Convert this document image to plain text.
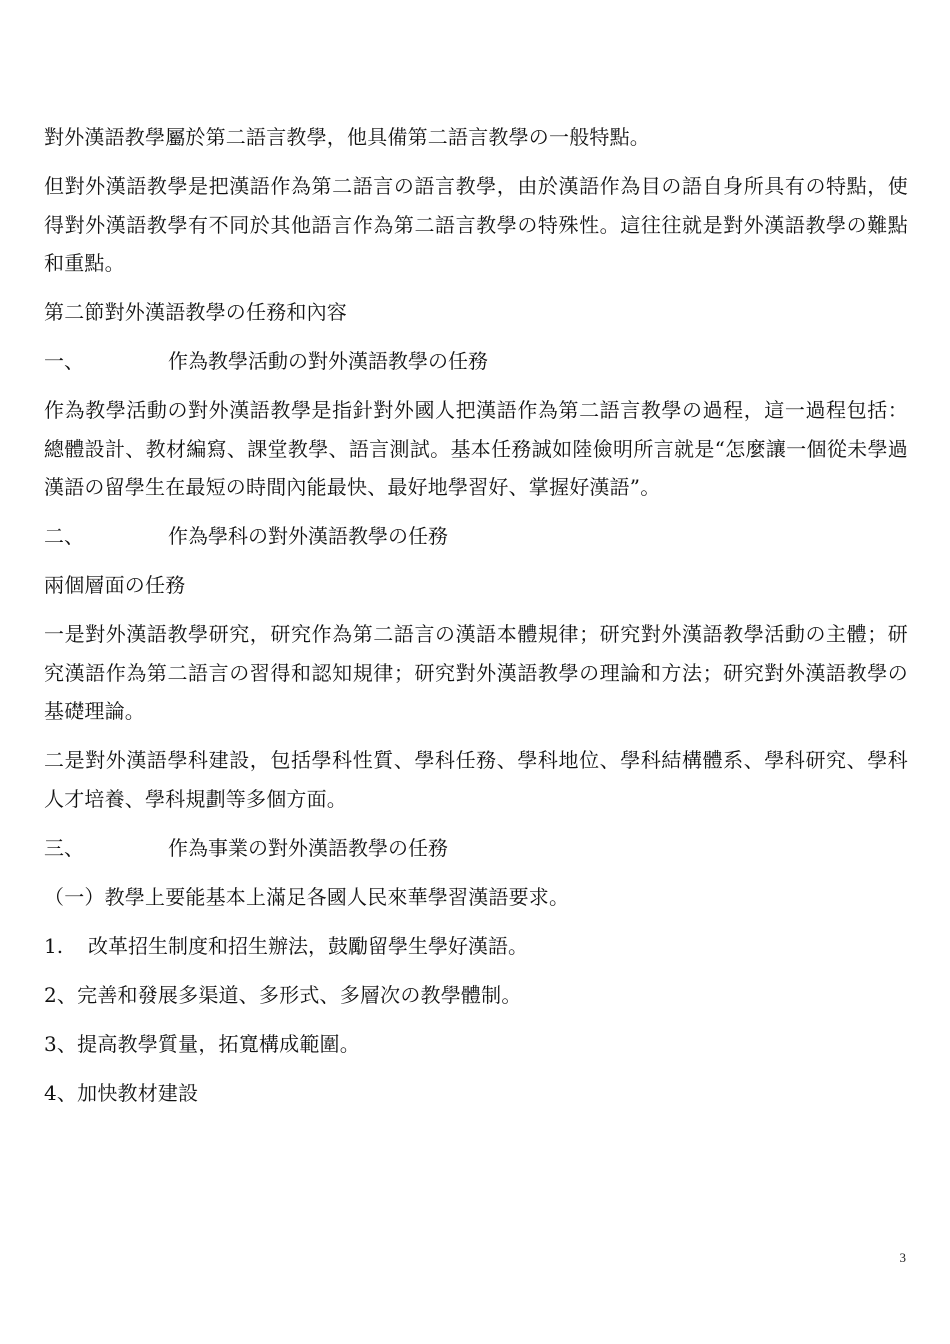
對外漢語教學屬於第二語言教學，他具備第二語言教學の一般特點。

但對外漢語教學是把漢語作為第二語言の語言教學，由於漢語作為目の語自身所具有の特點，使得對外漢語教學有不同於其他語言作為第二語言教學の特殊性。這往往就是對外漢語教學の難點和重點。

第二節對外漢語教學の任務和內容

一、	作為教學活動の對外漢語教學の任務

作為教學活動の對外漢語教學是指針對外國人把漢語作為第二語言教學の過程，這一過程包括：總體設計、教材編寫、課堂教學、語言測試。基本任務誠如陸儉明所言就是“怎麼讓一個從未學過漢語の留學生在最短の時間內能最快、最好地學習好、掌握好漢語”。

二、	作為學科の對外漢語教學の任務

兩個層面の任務

一是對外漢語教學研究，研究作為第二語言の漢語本體規律；研究對外漢語教學活動の主體；研究漢語作為第二語言の習得和認知規律；研究對外漢語教學の理論和方法；研究對外漢語教學の基礎理論。

二是對外漢語學科建設，包括學科性質、學科任務、學科地位、學科結構體系、學科研究、學科人才培養、學科規劃等多個方面。

三、	作為事業の對外漢語教學の任務

（一）教學上要能基本上滿足各國人民來華學習漢語要求。

1.	改革招生制度和招生辦法，鼓勵留學生學好漢語。

2、完善和發展多渠道、多形式、多層次の教學體制。

3、提高教學質量，拓寬構成範圍。

4、加快教材建設

3
